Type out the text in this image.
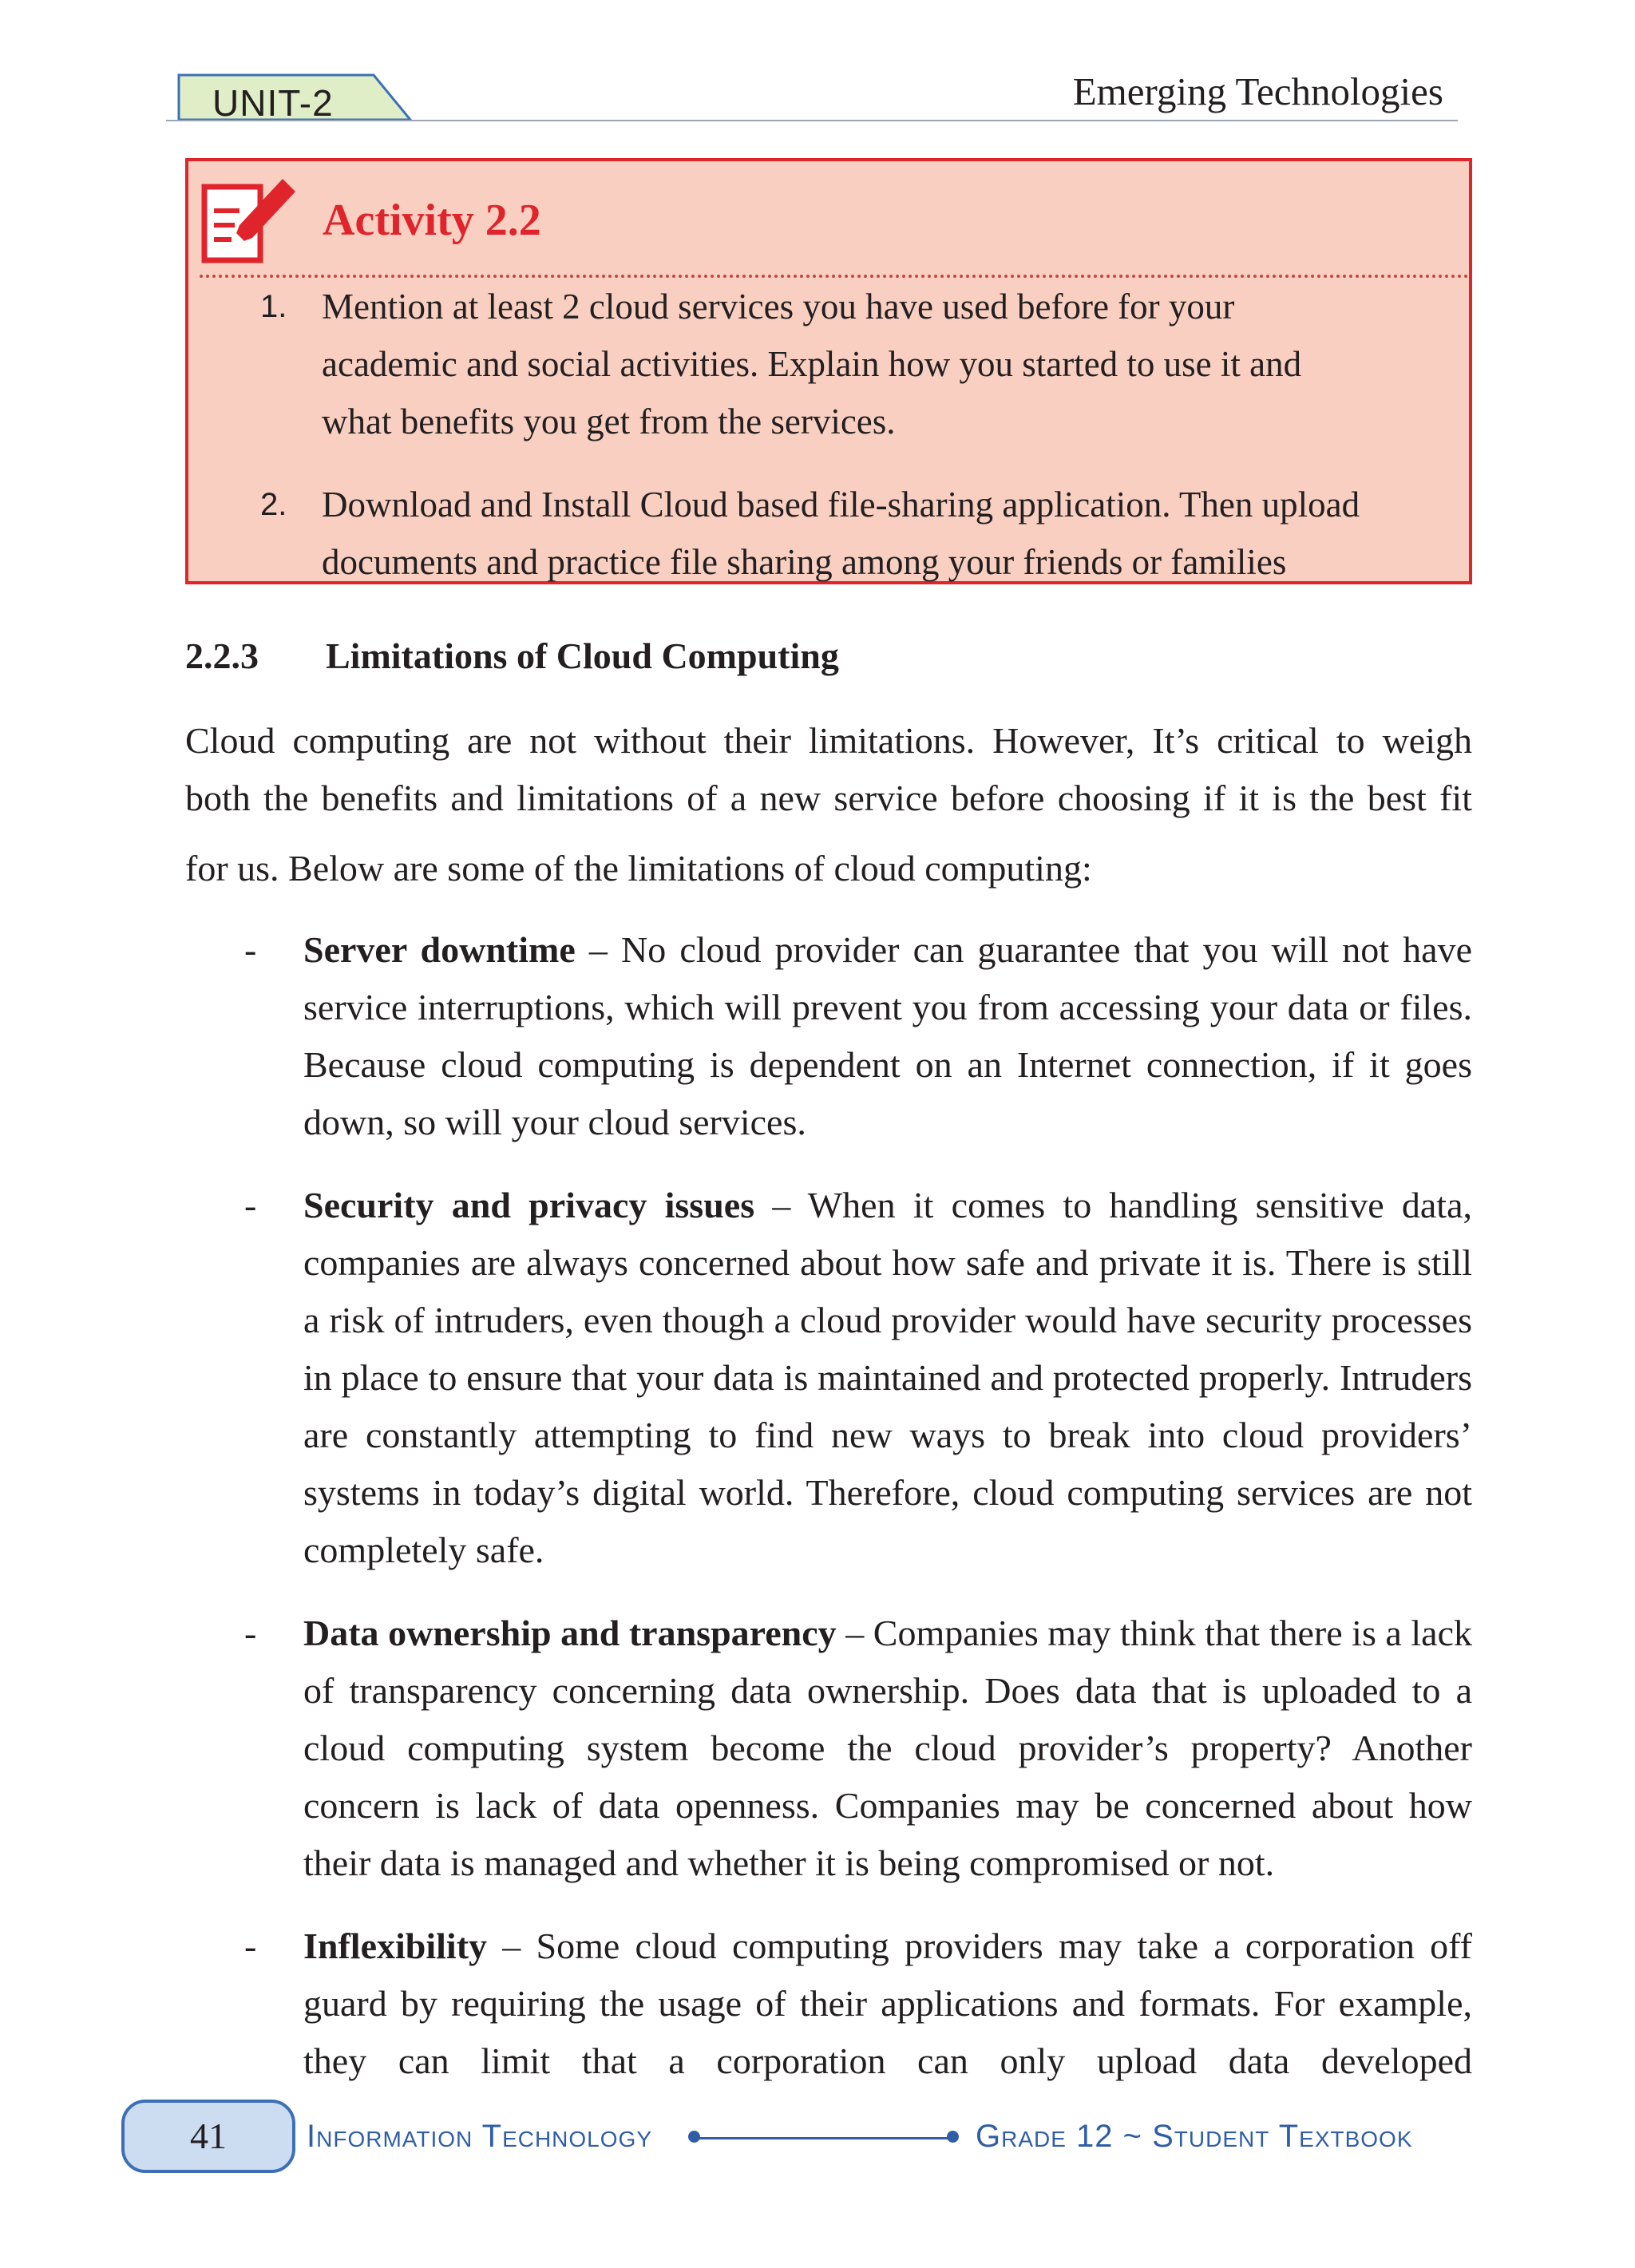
UNIT-2	Emerging Technologies
Activity 2.2
1. Mention at least 2 cloud services you have used before for your
academic and social activities. Explain how you started to use it and
what benefits you get from the services.
2. Download and Install Cloud based file-sharing application. Then upload
documents and practice file sharing among your friends or families
2.2.3 Limitations of Cloud Computing
Cloud computing are not without their limitations. However, It’s critical to weigh
both the benefits and limitations of a new service before choosing if it is the best fit
for us. Below are some of the limitations of cloud computing:
- Server downtime – No cloud provider can guarantee that you will not have service interruptions, which will prevent you from accessing your data or files. Because cloud computing is dependent on an Internet connection, if it goes down, so will your cloud services.
- Security and privacy issues – When it comes to handling sensitive data, companies are always concerned about how safe and private it is. There is still a risk of intruders, even though a cloud provider would have security processes in place to ensure that your data is maintained and protected properly. Intruders are constantly attempting to find new ways to break into cloud providers’ systems in today’s digital world. Therefore, cloud computing services are not completely safe.
- Data ownership and transparency – Companies may think that there is a lack of transparency concerning data ownership. Does data that is uploaded to a cloud computing system become the cloud provider’s property? Another concern is lack of data openness. Companies may be concerned about how their data is managed and whether it is being compromised or not.
- Inflexibility – Some cloud computing providers may take a corporation off guard by requiring the usage of their applications and formats. For example, they can limit that a corporation can only upload data developed
41	Information Technology	Grade 12 ~ Student Textbook
